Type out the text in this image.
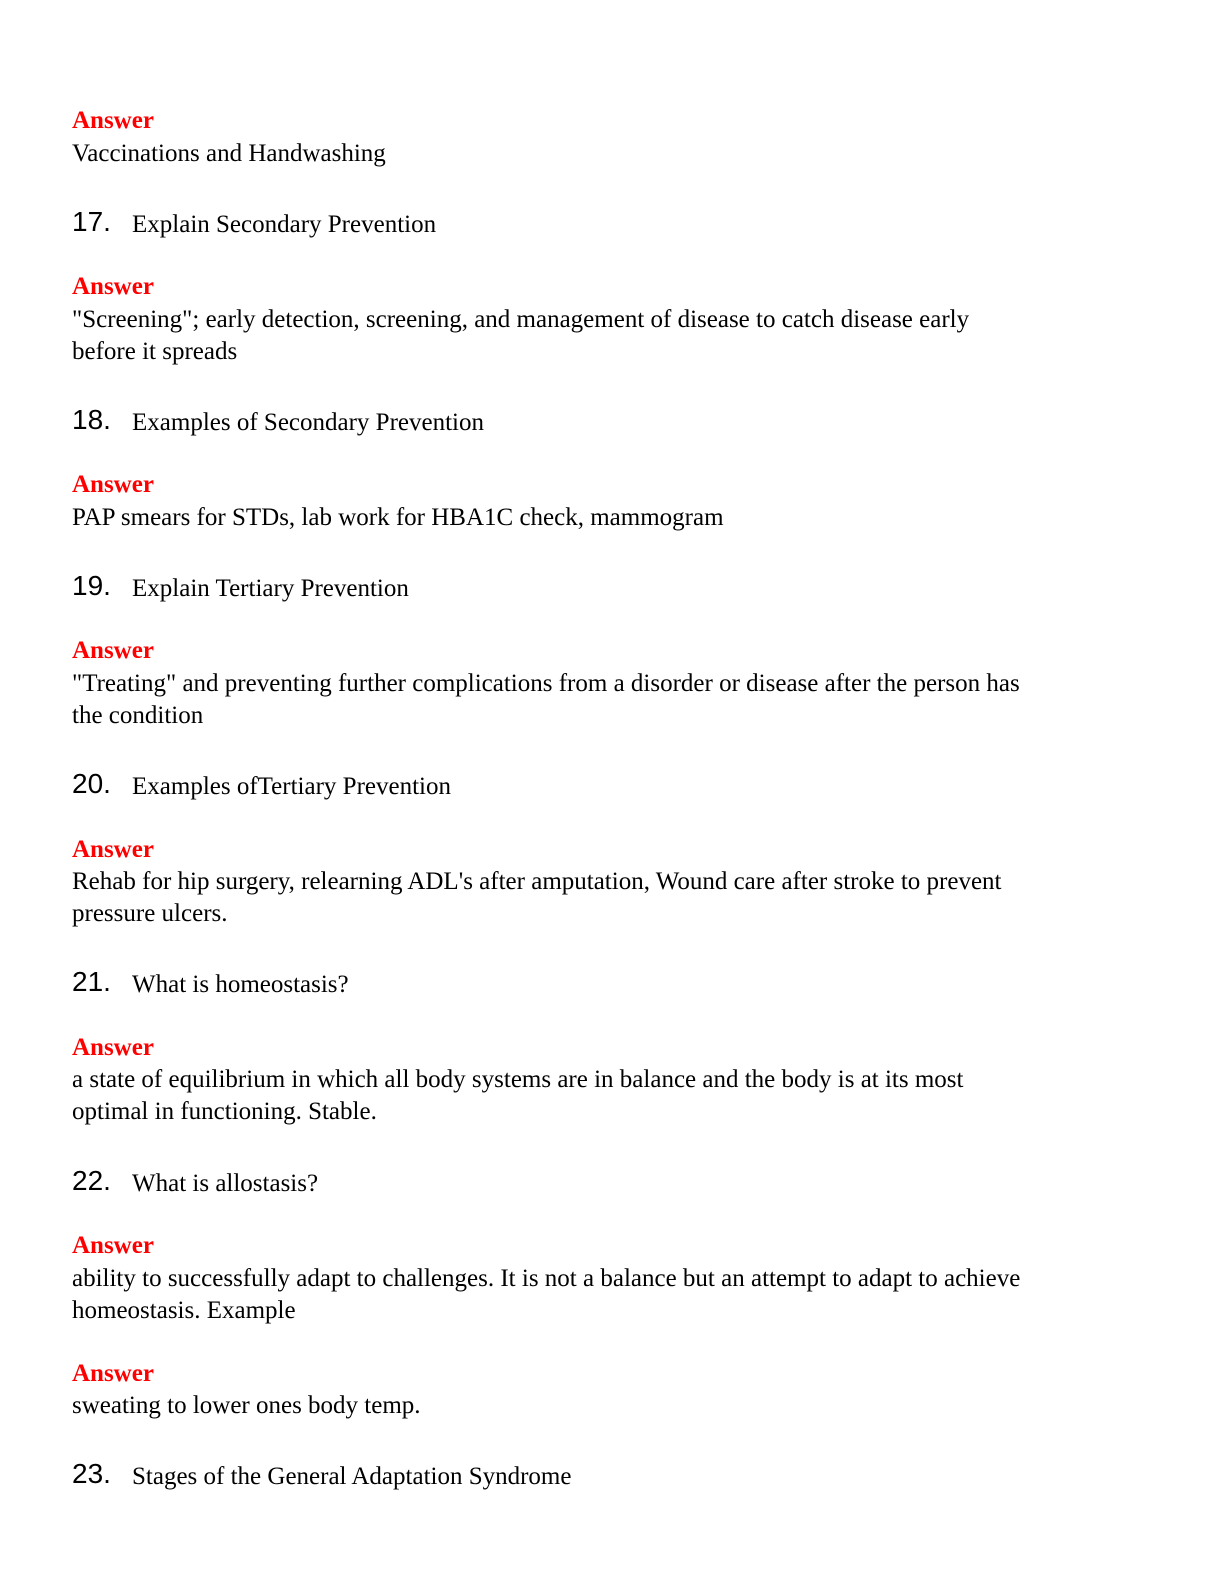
Answer
Vaccinations and Handwashing
17. Explain Secondary Prevention
Answer
"Screening"; early detection, screening, and management of disease to catch disease early
before it spreads
18. Examples of Secondary Prevention
Answer
PAP smears for STDs, lab work for HBA1C check, mammogram
19. Explain Tertiary Prevention
Answer
"Treating" and preventing further complications from a disorder or disease after the person has
the condition
20. Examples ofTertiary Prevention
Answer
Rehab for hip surgery, relearning ADL's after amputation, Wound care after stroke to prevent
pressure ulcers.
21. What is homeostasis?
Answer
a state of equilibrium in which all body systems are in balance and the body is at its most
optimal in functioning. Stable.
22. What is allostasis?
Answer
ability to successfully adapt to challenges. It is not a balance but an attempt to adapt to achieve
homeostasis. Example
Answer
sweating to lower ones body temp.
23. Stages of the General Adaptation Syndrome
